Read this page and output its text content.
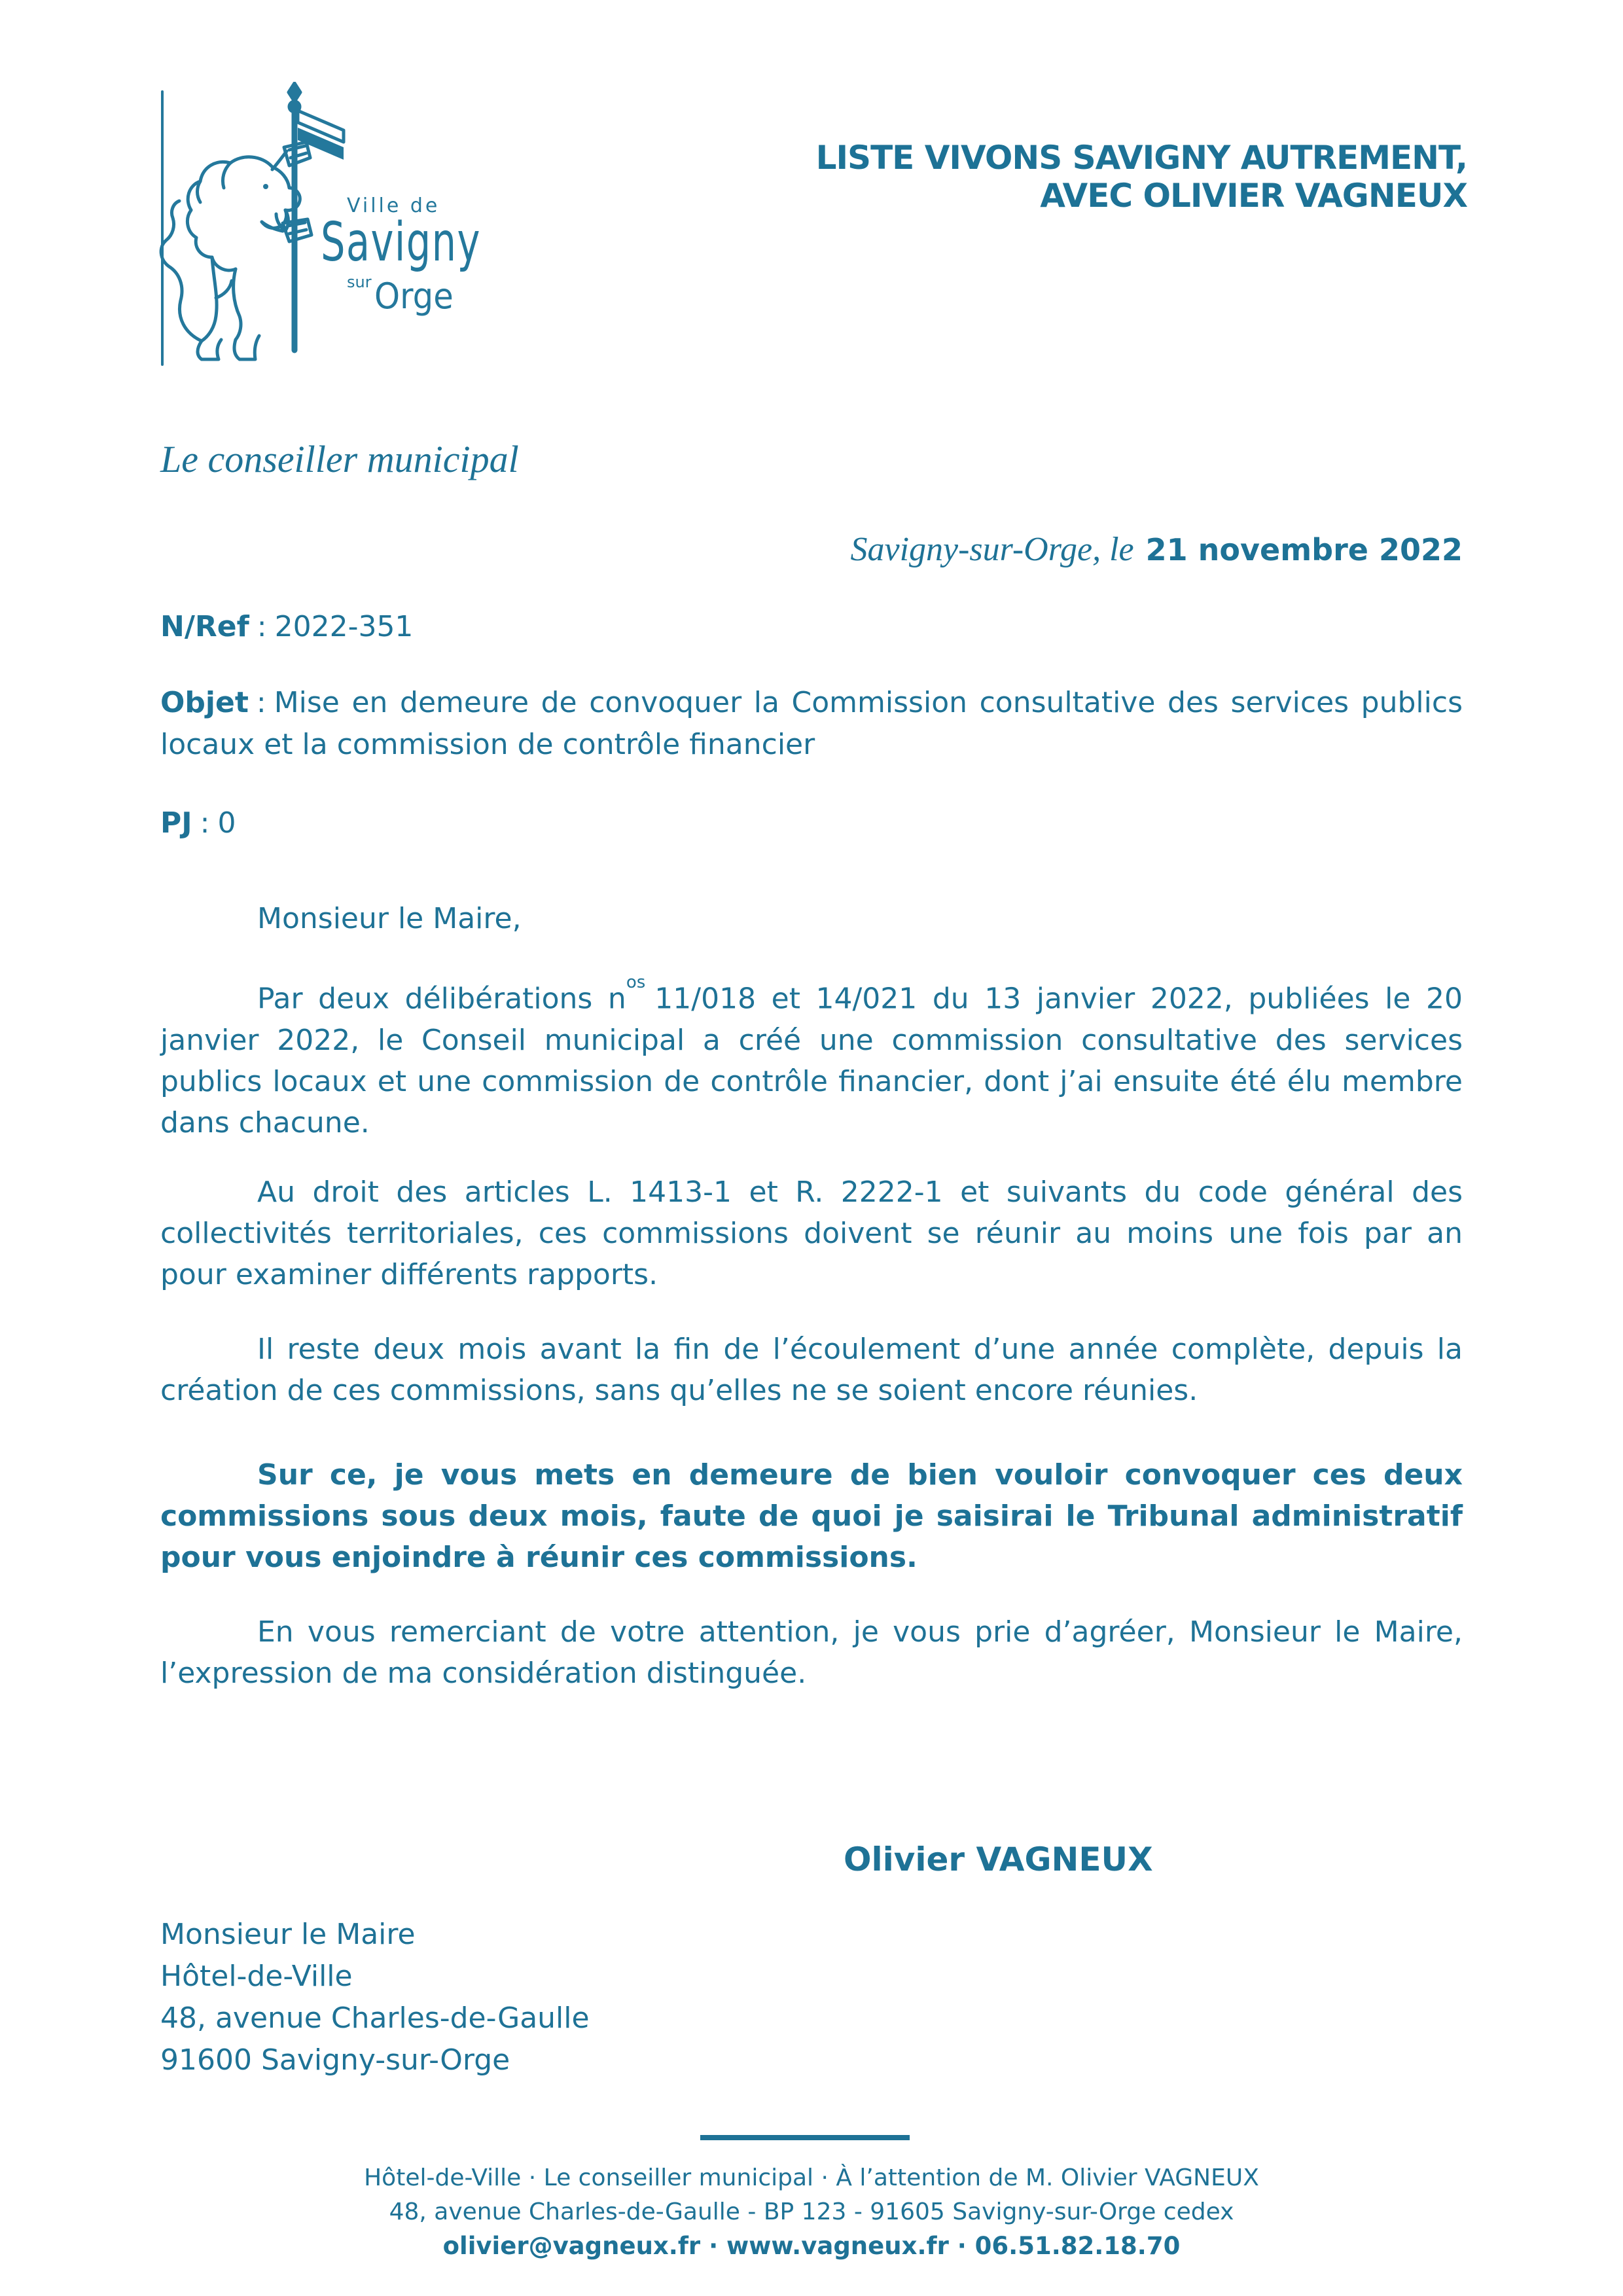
Ville de
Savigny
sur Orge
LISTE VIVONS SAVIGNY AUTREMENT,
AVEC OLIVIER VAGNEUX
Le conseiller municipal
Savigny-sur-Orge, le 21 novembre 2022
N/Ref : 2022-351
Objet : Mise en demeure de convoquer la Commission consultative des services publics locaux et la commission de contrôle financier
PJ : 0
Monsieur le Maire,
Par deux délibérations $n^{os}$ 11/018 et 14/021 du 13 janvier 2022, publiées le 20 janvier 2022, le Conseil municipal a créé une commission consultative des services publics locaux et une commission de contrôle financier, dont j’ai ensuite été élu membre dans chacune.
Au droit des articles L. 1413-1 et R. 2222-1 et suivants du code général des collectivités territoriales, ces commissions doivent se réunir au moins une fois par an pour examiner différents rapports.
Il reste deux mois avant la fin de l’écoulement d’une année complète, depuis la création de ces commissions, sans qu’elles ne se soient encore réunies.
Sur ce, je vous mets en demeure de bien vouloir convoquer ces deux commissions sous deux mois, faute de quoi je saisirai le Tribunal administratif pour vous enjoindre à réunir ces commissions.
En vous remerciant de votre attention, je vous prie d’agréer, Monsieur le Maire, l’expression de ma considération distinguée.
Olivier VAGNEUX
Monsieur le Maire
Hôtel-de-Ville
48, avenue Charles-de-Gaulle
91600 Savigny-sur-Orge
Hôtel-de-Ville · Le conseiller municipal · À l’attention de M. Olivier VAGNEUX
48, avenue Charles-de-Gaulle - BP 123 - 91605 Savigny-sur-Orge cedex
olivier@vagneux.fr · www.vagneux.fr · 06.51.82.18.70
